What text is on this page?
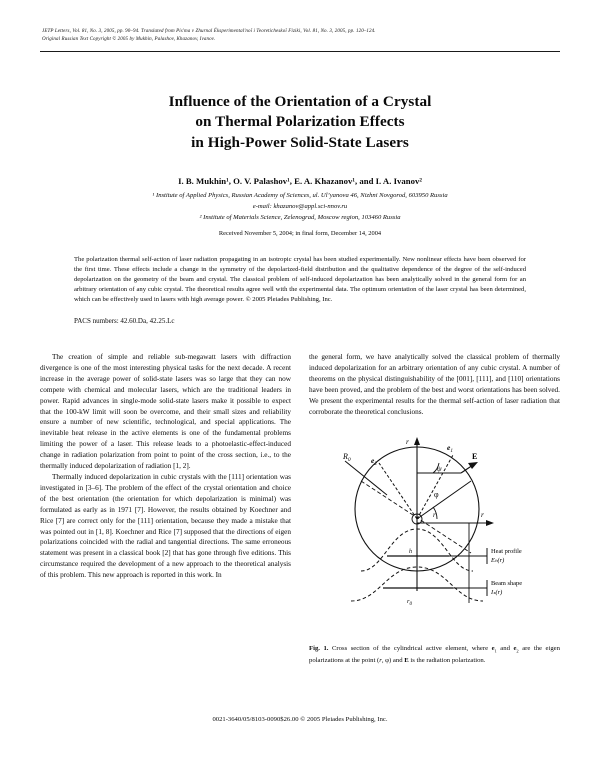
JETP Letters, Vol. 81, No. 3, 2005, pp. 90–94. Translated from Pis'ma v Zhurnal Éksperimental'noĭ i Teoreticheskoĭ Fiziki, Vol. 81, No. 3, 2005, pp. 120–124.
Original Russian Text Copyright © 2005 by Mukhin, Palashov, Khazanov, Ivanov.
Influence of the Orientation of a Crystal
on Thermal Polarization Effects
in High-Power Solid-State Lasers
I. B. Mukhin¹, O. V. Palashov¹, E. A. Khazanov¹, and I. A. Ivanov²
¹ Institute of Applied Physics, Russian Academy of Sciences, ul. Ul’yanova 46, Nizhni Novgorod, 603950 Russia
e-mail: khazanov@appl.sci-nnov.ru
² Institute of Materials Science, Zelenograd, Moscow region, 103460 Russia
Received November 5, 2004; in final form, December 14, 2004
The polarization thermal self-action of laser radiation propagating in an isotropic crystal has been studied experimentally. New nonlinear effects have been observed for the first time. These effects include a change in the symmetry of the depolarized-field distribution and the qualitative dependence of the degree of the self-induced depolarization on the geometry of the beam and crystal. The classical problem of self-induced depolarization has been analytically solved in the general form for an arbitrary orientation of any cubic crystal. The theoretical results agree well with the experimental data. The optimum orientation of the laser crystal has been determined, which can be effectively used in lasers with high average power. © 2005 Pleiades Publishing, Inc.
PACS numbers: 42.60.Da, 42.25.Lc

The creation of simple and reliable sub-megawatt lasers with diffraction divergence is one of the most interesting physical tasks for the next decade. A recent increase in the average power of solid-state lasers was so large that they can now compete with chemical and molecular lasers, which are the traditional leaders in power. Rapid advances in single-mode solid-state lasers make it possible to expect that the 100-kW limit will soon be overcome, and their small sizes and reliability ensure a number of new scientific, technological, and special applications. The inevitable heat release in the active elements is one of the fundamental problems limiting the power of a laser. This release leads to a photoelastic-effect-induced change in radiation polarization from point to point of the cross section, i.e., to the thermally induced depolarization of radiation [1, 2].

Thermally induced depolarization in cubic crystals with the [111] orientation was investigated in [3–6]. The problem of the effect of the crystal orientation and choice of the best orientation (the orientation for which depolarization is minimal) was formulated as early as in 1971 [7]. However, the results obtained by Koechner and Rice [7] are correct only for the [111] orientation, because they made a mistake that was pointed out in [1, 8]. Koechner and Rice [7] supposed that the directions of eigen polarizations coincided with the radial and tangential directions. The same erroneous statement was present in a classical book [2] that has gone through five editions. This circumstance required the development of a new approach to the theoretical analysis of this problem. This new approach is reported in this work. In

the general form, we have analytically solved the classical problem of thermally induced depolarization for an arbitrary orientation of any cubic crystal. A number of theorems on the physical distinguishability of the [001], [111], and [110] orientations have been proved, and the problem of the best and worst orientations has been solved. We present the experimental results for the thermal self-action of laser radiation that corroborate the theoretical conclusions.

r
r
$R_0$	E
$e_1$
$e_2$
r
φ
ψ
h
$r_0$
Heat profile
Eₕ(r)
Beam shape
Iₛ(r)
Fig. 1. Cross section of the cylindrical active element, where $e_1$ and $e_2$ are the eigen polarizations at the point (r, φ) and E is the radiation polarization.
0021-3640/05/8103-0090$26.00 © 2005 Pleiades Publishing, Inc.
